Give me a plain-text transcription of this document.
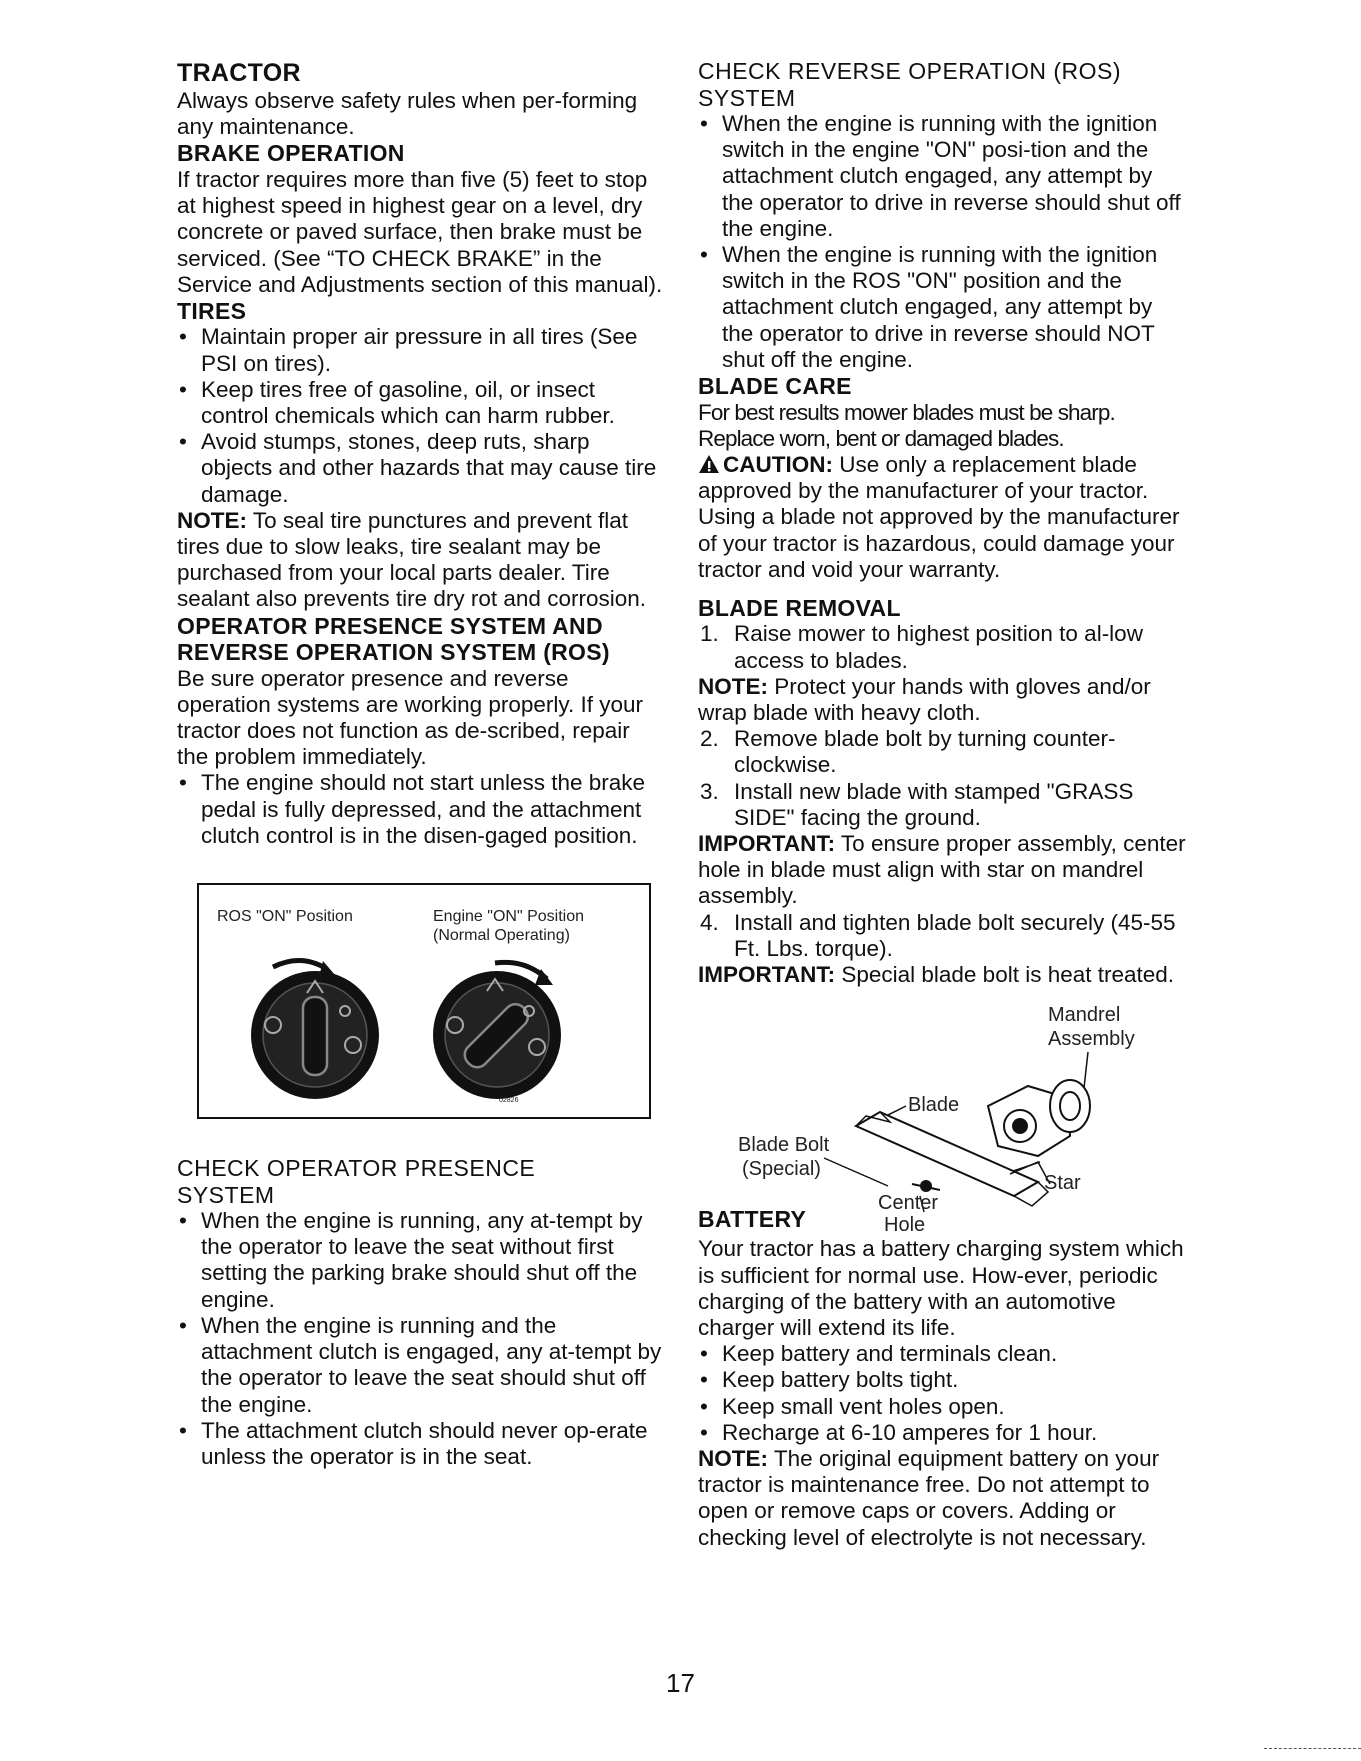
TRACTOR

Always observe safety rules when per-forming any maintenance.

BRAKE OPERATION

If tractor requires more than five (5) feet to stop at highest speed in highest gear on a level, dry concrete or paved surface, then brake must be serviced. (See “TO CHECK BRAKE” in the Service and Adjustments section of this manual).

TIRES
• Maintain proper air pressure in all tires (See PSI on tires).
• Keep tires free of gasoline, oil, or insect control chemicals which can harm rubber.
• Avoid stumps, stones, deep ruts, sharp objects and other hazards that may cause tire damage.

NOTE: To seal tire punctures and prevent flat tires due to slow leaks, tire sealant may be purchased from your local parts dealer. Tire sealant also prevents tire dry rot and corrosion.

OPERATOR PRESENCE SYSTEM AND REVERSE OPERATION SYSTEM (ROS)

Be sure operator presence and reverse operation systems are working properly. If your tractor does not function as de-scribed, repair the problem immediately.

• The engine should not start unless the brake pedal is fully depressed, and the attachment clutch control is in the disen-gaged position.
ROS "ON" Position	Engine "ON" Position
(Normal Operating)
02826
CHECK OPERATOR PRESENCE
SYSTEM
• When the engine is running, any at-tempt by the operator to leave the seat without first setting the parking brake should shut off the engine.
• When the engine is running and the attachment clutch is engaged, any at-tempt by the operator to leave the seat should shut off the engine.
• The attachment clutch should never op-erate unless the operator is in the seat.
CHECK REVERSE OPERATION (ROS)
SYSTEM
• When the engine is running with the ignition switch in the engine "ON" posi-tion and the attachment clutch engaged, any attempt by the operator to drive in reverse should shut off the engine.
• When the engine is running with the ignition switch in the ROS "ON" position and the attachment clutch engaged, any attempt by the operator to drive in reverse should NOT shut off the engine.
BLADE CARE

For best results mower blades must be sharp. Replace worn, bent or damaged blades.

CAUTION: Use only a replacement blade approved by the manufacturer of your tractor. Using a blade not approved by the manufacturer of your tractor is hazardous, could damage your tractor and void your warranty.

BLADE REMOVAL
1. Raise mower to highest position to al-low access to blades.

NOTE: Protect your hands with gloves and/or wrap blade with heavy cloth.

2. Remove blade bolt by turning counter-clockwise.
3. Install new blade with stamped "GRASS SIDE" facing the ground.

IMPORTANT: To ensure proper assembly, center hole in blade must align with star on mandrel assembly.

4. Install and tighten blade bolt securely (45-55 Ft. Lbs. torque).

IMPORTANT: Special blade bolt is heat treated.

Mandrel
Assembly
Blade
Blade Bolt
(Special)
Star
Center
Hole
BATTERY

Your tractor has a battery charging system which is sufficient for normal use. How-ever, periodic charging of the battery with an automotive charger will extend its life.

• Keep battery and terminals clean.
• Keep battery bolts tight.
• Keep small vent holes open.
• Recharge at 6-10 amperes for 1 hour.

NOTE: The original equipment battery on your tractor is maintenance free. Do not attempt to open or remove caps or covers. Adding or checking level of electrolyte is not necessary.

17
